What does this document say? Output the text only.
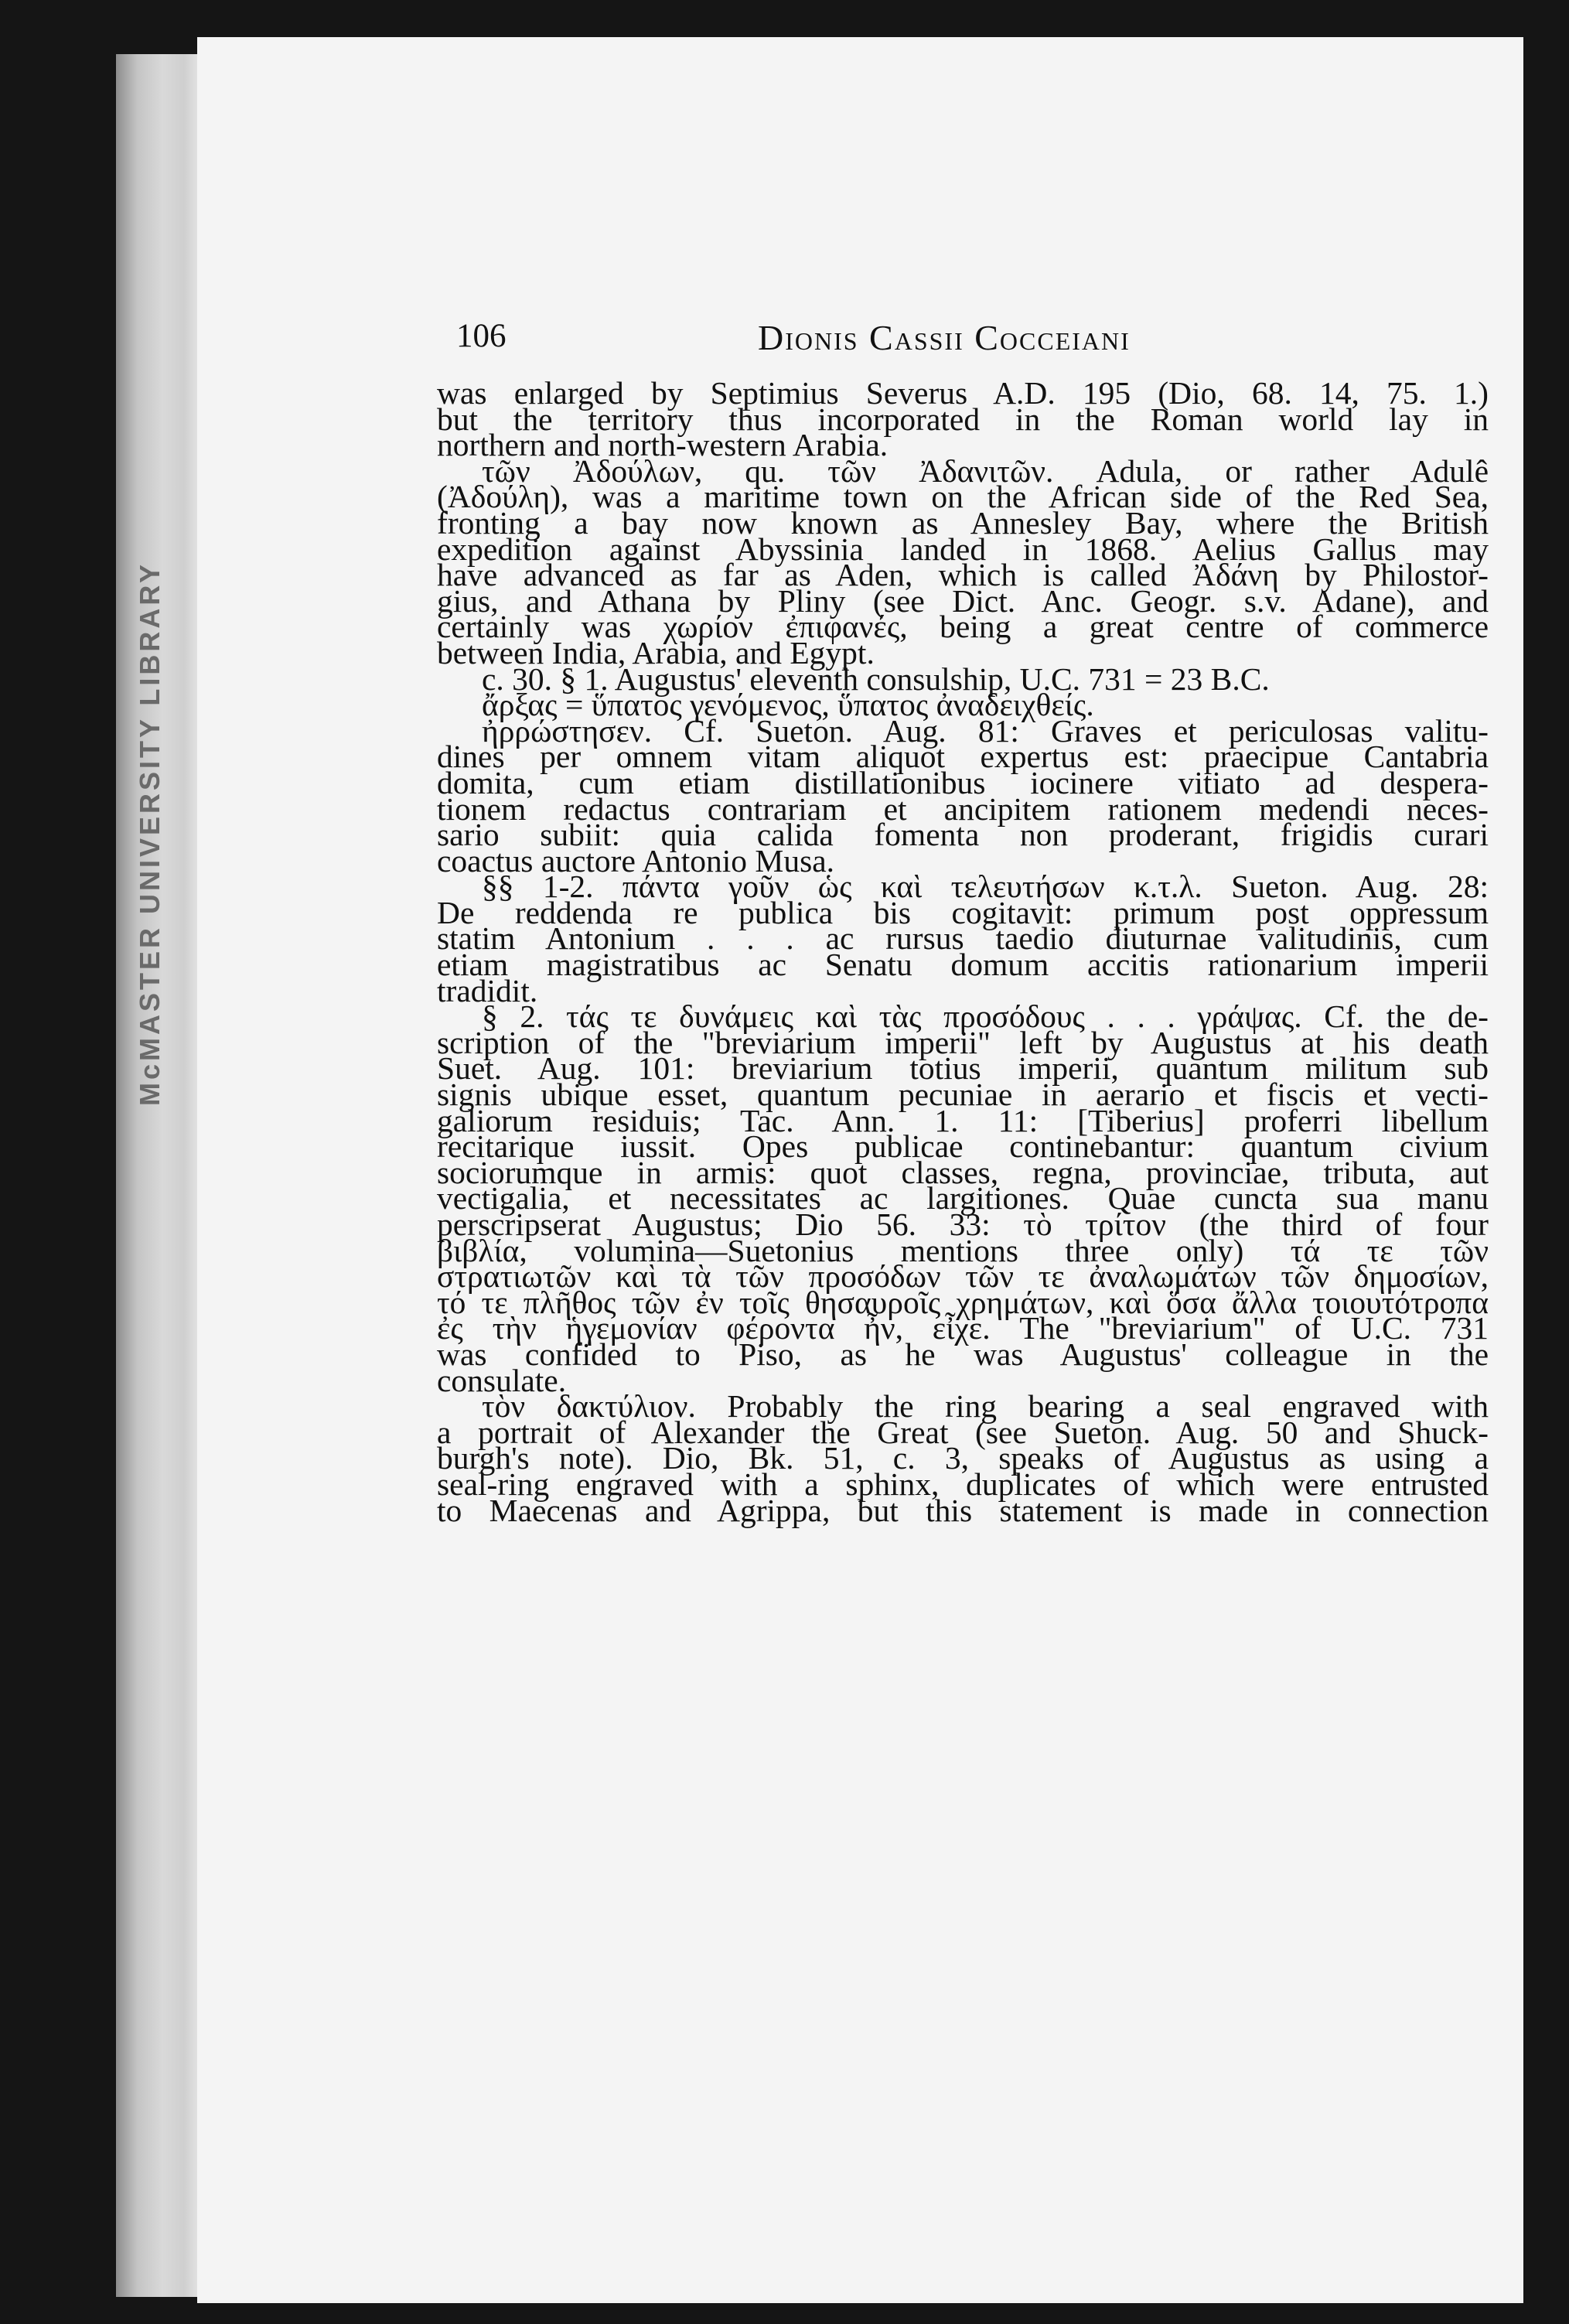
McMASTER UNIVERSITY LIBRARY
106	Dionis Cassii Cocceiani
was enlarged by Septimius Severus A.D. 195 (Dio, 68. 14, 75. 1.)
but the territory thus incorporated in the Roman world lay in
northern and north-western Arabia.
τῶν Ἀδούλων, qu. τῶν Ἀδανιτῶν. Adula, or rather Adulê
(Ἀδούλη), was a maritime town on the African side of the Red Sea,
fronting a bay now known as Annesley Bay, where the British
expedition against Abyssinia landed in 1868. Aelius Gallus may
have advanced as far as Aden, which is called Ἀδάνη by Philostor-
gius, and Athana by Pliny (see Dict. Anc. Geogr. s.v. Adane), and
certainly was χωρίον ἐπιφανές, being a great centre of commerce
between India, Arabia, and Egypt.
c. 30. § 1. Augustus' eleventh consulship, U.C. 731 = 23 B.C.
ἄρξας = ὕπατος γενόμενος, ὕπατος ἀναδειχθείς.
ἠρρώστησεν. Cf. Sueton. Aug. 81: Graves et periculosas valitu-
dines per omnem vitam aliquot expertus est: praecipue Cantabria
domita, cum etiam distillationibus iocinere vitiato ad despera-
tionem redactus contrariam et ancipitem rationem medendi neces-
sario subiit: quia calida fomenta non proderant, frigidis curari
coactus auctore Antonio Musa.
§§ 1-2. πάντα γοῦν ὡς καὶ τελευτήσων κ.τ.λ. Sueton. Aug. 28:
De reddenda re publica bis cogitavit: primum post oppressum
statim Antonium . . . ac rursus taedio diuturnae valitudinis, cum
etiam magistratibus ac Senatu domum accitis rationarium imperii
tradidit.
§ 2. τάς τε δυνάμεις καὶ τὰς προσόδους . . . γράψας. Cf. the de-
scription of the "breviarium imperii" left by Augustus at his death
Suet. Aug. 101: breviarium totius imperii, quantum militum sub
signis ubique esset, quantum pecuniae in aerario et fiscis et vecti-
galiorum residuis; Tac. Ann. 1. 11: [Tiberius] proferri libellum
recitarique iussit. Opes publicae continebantur: quantum civium
sociorumque in armis: quot classes, regna, provinciae, tributa, aut
vectigalia, et necessitates ac largitiones. Quae cuncta sua manu
perscripserat Augustus; Dio 56. 33: τὸ τρίτον (the third of four
βιβλία, volumina—Suetonius mentions three only) τά τε τῶν
στρατιωτῶν καὶ τὰ τῶν προσόδων τῶν τε ἀναλωμάτων τῶν δημοσίων,
τό τε πλῆθος τῶν ἐν τοῖς θησαυροῖς χρημάτων, καὶ ὅσα ἄλλα τοιουτότροπα
ἐς τὴν ἡγεμονίαν φέροντα ἦν, εἶχε. The "breviarium" of U.C. 731
was confided to Piso, as he was Augustus' colleague in the
consulate.
τὸν δακτύλιον. Probably the ring bearing a seal engraved with
a portrait of Alexander the Great (see Sueton. Aug. 50 and Shuck-
burgh's note). Dio, Bk. 51, c. 3, speaks of Augustus as using a
seal-ring engraved with a sphinx, duplicates of which were entrusted
to Maecenas and Agrippa, but this statement is made in connection
